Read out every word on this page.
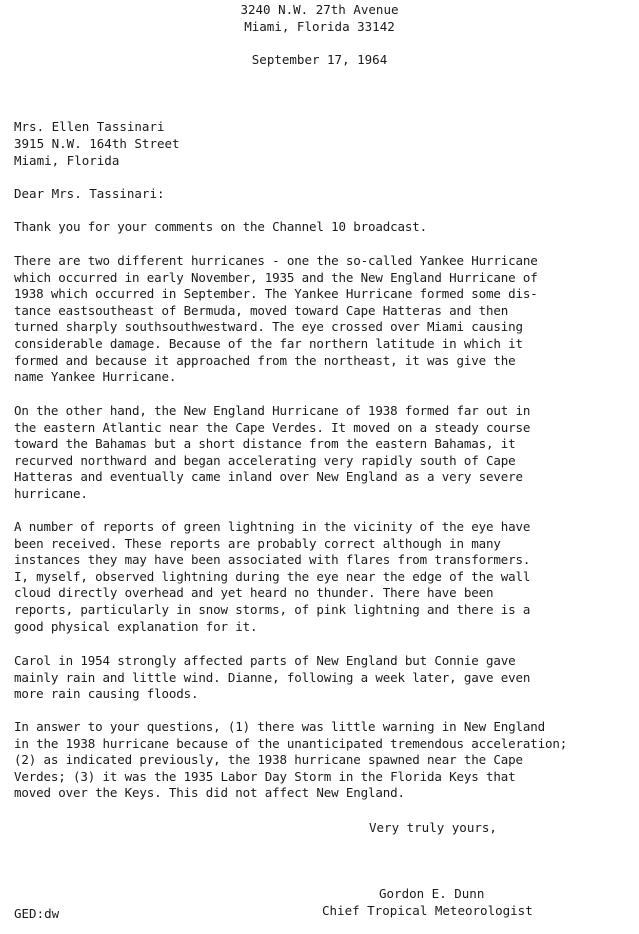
3240 N.W. 27th Avenue
Miami, Florida 33142
September 17, 1964
Mrs. Ellen Tassinari
3915 N.W. 164th Street
Miami, Florida
Dear Mrs. Tassinari:
Thank you for your comments on the Channel 10 broadcast.
There are two different hurricanes - one the so-called Yankee Hurricane
which occurred in early November, 1935 and the New England Hurricane of
1938 which occurred in September. The Yankee Hurricane formed some dis-
tance eastsoutheast of Bermuda, moved toward Cape Hatteras and then
turned sharply southsouthwestward. The eye crossed over Miami causing
considerable damage. Because of the far northern latitude in which it
formed and because it approached from the northeast, it was give the
name Yankee Hurricane.
On the other hand, the New England Hurricane of 1938 formed far out in
the eastern Atlantic near the Cape Verdes. It moved on a steady course
toward the Bahamas but a short distance from the eastern Bahamas, it
recurved northward and began accelerating very rapidly south of Cape
Hatteras and eventually came inland over New England as a very severe
hurricane.
A number of reports of green lightning in the vicinity of the eye have
been received. These reports are probably correct although in many
instances they may have been associated with flares from transformers.
I, myself, observed lightning during the eye near the edge of the wall
cloud directly overhead and yet heard no thunder. There have been
reports, particularly in snow storms, of pink lightning and there is a
good physical explanation for it.
Carol in 1954 strongly affected parts of New England but Connie gave
mainly rain and little wind. Dianne, following a week later, gave even
more rain causing floods.
In answer to your questions, (1) there was little warning in New England
in the 1938 hurricane because of the unanticipated tremendous acceleration;
(2) as indicated previously, the 1938 hurricane spawned near the Cape
Verdes; (3) it was the 1935 Labor Day Storm in the Florida Keys that
moved over the Keys. This did not affect New England.
Very truly yours,
Gordon E. Dunn
Chief Tropical Meteorologist
GED:dw
